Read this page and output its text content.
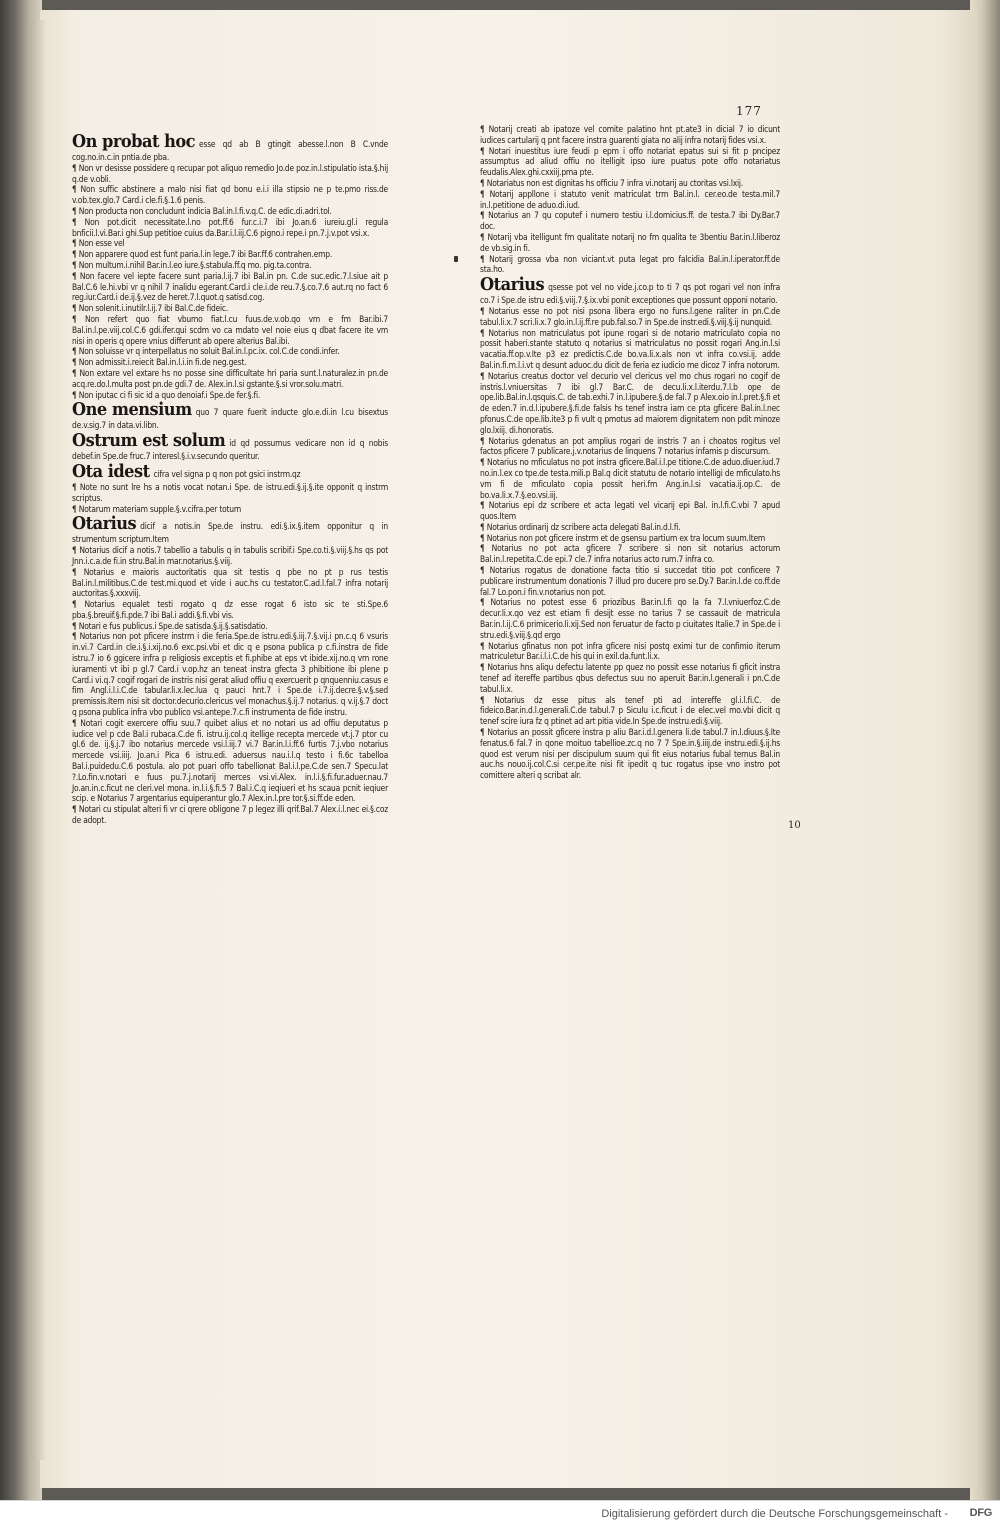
177
10

On probat hoc esse qd ab B gtingit abesse.l.non B C.vnde cog.no.in.c.in pntia.de pba.

¶ Non vr desisse possidere q recupar pot aliquo remedio Jo.de poz.in.l.stipulatio ista.§.hij q.de v.obli.

¶ Non suffic abstinere a malo nisi fiat qd bonu e.i.i illa stipsio ne p te.pmo riss.de v.ob.tex.glo.7 Card.i cle.fi.§.1.6 penis.

¶ Non producta non concludunt indicia Bal.in.l.fi.v.q.C. de edic.di.adri.tol.

¶ Non pot.dicit necessitate.l.no pot.ff.6 fur.c.i.7 ibi Jo.an.6 iureiu.gl.i regula bnficii.l.vi.Bar.i ghi.Sup petitioe cuius da.Bar.i.l.iij.C.6 pigno.i repe.i pn.7.j.v.pot vsi.x.

¶ Non esse vel

¶ Non apparere quod est funt paria.l.in lege.7 ibi Bar.ff.6 contrahen.emp.

¶ Non multum.i.nihil Bar.in.l.eo iure.§.stabula.ff.q mo. pig.ta.contra.

¶ Non facere vel iepte facere sunt paria.l.ij.7 ibi Bal.in pn. C.de suc.edic.7.l.siue ait p Bal.C.6 le.hi.vbi vr q nihil 7 inalidu egerant.Card.i cle.i.de reu.7.§.co.7.6 aut.rq no fact 6 reg.iur.Card.i de.ij.§.vez de heret.7.l.quot.q satisd.cog.

¶ Non solenit.i.inutilr.l.ij.7 ibi Bal.C.de fideic.

¶ Non refert quo fiat vbumo fiat.l.cu fuus.de.v.ob.qo vm e fm Bar.ibi.7 Bal.in.l.pe.viij.col.C.6 gdi.ifer.qui scdm vo ca mdato vel noie eius q dbat facere ite vm nisi in operis q opere vnius differunt ab opere alterius Bal.ibi.

¶ Non soluisse vr q interpellatus no soluit Bal.in.l.pc.ix. col.C.de condi.infer.

¶ Non admissit.i.reiecit Bal.in.l.i.in fi.de neg.gest.

¶ Non extare vel extare hs no posse sine difficultate hri paria sunt.l.naturalez.in pn.de acq.re.do.l.multa post pn.de gdi.7 de. Alex.in.l.si gstante.§.si vror.solu.matri.

¶ Non iputac ci fi sic id a quo denoiaf.i Spe.de fer.§.fi.

One mensium quo 7 quare fuerit inducte glo.e.di.in l.cu bisextus de.v.sig.7 in data.vi.libn.

Ostrum est solum id qd possumus vedicare non id q nobis debef.in Spe.de fruc.7 interesl.§.i.v.secundo queritur.

Ota idest cifra vel signa p q non pot gsici instrm.qz

¶ Note no sunt lre hs a notis vocat notan.i Spe. de istru.edi.§.ij.§.ite opponit q instrm scriptus.

¶ Notarum materiam supple.§.v.cifra.per totum

Otarius dicif a notis.in Spe.de instru. edi.§.ix.§.item opponitur q in strumentum scriptum.Item

¶ Notarius dicif a notis.7 tabellio a tabulis q in tabulis scribif.i Spe.co.ti.§.viij.§.hs qs pot Jnn.i.c.a.de fi.in stru.Bal.in mar.notarius.§.viij.

¶ Notarius e maioris auctoritatis qua sit testis q pbe no pt p rus testis Bal.in.l.militibus.C.de test.mi.quod et vide i auc.hs cu testator.C.ad.l.fal.7 infra notarij auctoritas.§.xxxviij.

¶ Notarius equalet testi rogato q dz esse rogat 6 isto sic te sti.Spe.6 pba.§.breuif.§.fi.pde.7 ibi Bal.i addi.§.fi.vbi vis.

¶ Notari e fus publicus.i Spe.de satisda.§.ij.§.satisdatio.

¶ Notarius non pot pficere instrm i die feria.Spe.de istru.edi.§.iij.7.§.vij.i pn.c.q 6 vsuris in.vi.7 Card.in cle.i.§.i.xij.no.6 exc.psi.vbi et dic q e psona publica p c.fi.instra de fide istru.7 io 6 ggicere infra p religiosis exceptis et fi.phibe at eps vt ibide.xij.no.q vm rone iuramenti vt ibi p gl.7 Card.i v.op.hz an teneat instra gfecta 3 phibitione ibi plene p Card.i vi.q.7 cogif rogari de instris nisi gerat aliud offiu q exercuerit p qnquenniu.casus e fim Angl.i.l.i.C.de tabular.li.x.lec.lua q pauci hnt.7 i Spe.de i.7.ij.decre.§.v.§.sed premissis.Item nisi sit doctor.decurio.clericus vel monachus.§.ij.7 notarius. q v.ij.§.7 doct q psona publica infra vbo publico vsi.antepe.7.c.fi instrumenta de fide instru.

¶ Notari cogit exercere offiu suu.7 quibet alius et no notari us ad offiu deputatus p iudice vel p cde Bal.i rubaca.C.de fi. istru.ij.col.q itellige recepta mercede vt.j.7 ptor cu gl.6 de. ij.§.j.7 ibo notarius mercede vsi.l.iij.7 vi.7 Bar.in.l.i.ff.6 furtis 7.j.vbo notarius mercede vsi.iiij. Jo.an.i Pica 6 istru.edi. aduersus nau.i.l.q testo i fi.6c tabelloa Bal.i.puidedu.C.6 postula. alo pot puari offo tabellionat Bal.i.l.pe.C.de sen.7 Specu.lat ?.Lo.fin.v.notari e fuus pu.7.j.notarij merces vsi.vi.Alex. in.l.i.§.fi.fur.aduer.nau.7 Jo.an.in.c.ficut ne cleri.vel mona. in.l.i.§.fi.5 7 Bal.i.C.q ieqiueri et hs scaua pcnit ieqiuer scip. e Notarius 7 argentarius equiperantur glo.7 Alex.in.l.pre tor.§.si.ff.de eden.

¶ Notari cu stipulat alteri fi vr ci qrere obligone 7 p legez illi qrif.Bal.7 Alex.i.l.nec ei.§.coz de adopt.

¶ Notarij creati ab ipatoze vel comite palatino hnt pt.ate3 in dicial 7 io dicunt iudices cartularij q pnt facere instra guarenti giata no alij infra notarij fides vsi.x.

¶ Notari inuestitus iure feudi p epm i offo notariat epatus sui si fit p pncipez assumptus ad aliud offiu no itelligit ipso iure puatus pote offo notariatus feudalis.Alex.ghi.cxxiij.pma pte.

¶ Notariatus non est dignitas hs officiu 7 infra vi.notarij au ctoritas vsi.lxij.

¶ Notarij appllone i statuto venit matriculat trm Bal.in.l. cer.eo.de testa.mil.7 in.l.petitione de aduo.di.iud.

¶ Notarius an 7 qu coputef i numero testiu i.l.domicius.ff. de testa.7 ibi Dy.Bar.7 doc.

¶ Notarij vba itelligunt fm qualitate notarij no fm qualita te 3bentiu Bar.in.l.liberoz de vb.sig.in fi.

¶ Notarij grossa vba non viciant.vt puta legat pro falcidia Bal.in.l.iperator.ff.de sta.ho.

Otarius qsesse pot vel no vide.j.co.p to ti 7 qs pot rogari vel non infra co.7 i Spe.de istru edi.§.viij.7.§.ix.vbi ponit exceptiones que possunt opponi notario.

¶ Notarius esse no pot nisi psona libera ergo no funs.l.gene raliter in pn.C.de tabul.li.x.7 scri.li.x.7 glo.in.l.ij.ff.re pub.fal.so.7 in Spe.de instr.edi.§.viij.§.ij nunquid.

¶ Notarius non matriculatus pot ipune rogari si de notario matriculato copia no possit haberi.stante statuto q notarius si matriculatus no possit rogari Ang.in.l.si vacatia.ff.op.v.Ite p3 ez predictis.C.de bo.va.li.x.als non vt infra co.vsi.ij. adde Bal.in.fi.m.l.i.vt q desunt aduoc.du dicit de feria ez iudicio me dicoz 7 infra notorum.

¶ Notarius creatus doctor vel decurio vel clericus vel mo chus rogari no cogif de instris.l.vniuersitas 7 ibi gl.7 Bar.C. de decu.li.x.l.iterdu.7.l.b ope de ope.lib.Bal.in.l.qsquis.C. de tab.exhi.7 in.l.ipubere.§.de fal.7 p Alex.oio in.l.pret.§.fi et de eden.7 in.d.l.ipubere.§.fi.de falsis hs tenef instra iam ce pta gficere Bal.in.l.nec pfonus.C.de ope.lib.ite3 p fi vult q pmotus ad maiorem dignitatem non pdit minoze glo.lxiij. di.honoratis.

¶ Notarius gdenatus an pot amplius rogari de instris 7 an i choatos rogitus vel factos pficere 7 publicare.j.v.notarius de linquens 7 notarius infamis p discursum.

¶ Notarius no mficulatus no pot instra gficere.Bal.i.l.pe titione.C.de aduo.diuer.iud.7 no.in.l.ex co tpe.de testa.mili.p Bal.q dicit statutu de notario intelligi de mficulato.hs vm fi de mficulato copia possit heri.fm Ang.in.l.si vacatia.ij.op.C. de bo.va.li.x.7.§.eo.vsi.iij.

¶ Notarius epi dz scribere et acta legati vel vicarij epi Bal. in.l.fi.C.vbi 7 apud quos.Item

¶ Notarius ordinarij dz scribere acta delegati Bal.in.d.l.fi.

¶ Notarius non pot gficere instrm et de gsensu partium ex tra locum suum.Item

¶ Notarius no pot acta gficere 7 scribere si non sit notarius actorum Bal.in.l.repetita.C.de epi.7 cle.7 infra notarius acto rum.7 infra co.

¶ Notarius rogatus de donatione facta titio si succedat titio pot conficere 7 publicare instrumentum donationis 7 illud pro ducere pro se.Dy.7 Bar.in.l.de co.ff.de fal.7 Lo.pon.i fin.v.notarius non pot.

¶ Notarius no potest esse 6 priozibus Bar.in.l.fi qo la fa 7.l.vniuerfoz.C.de decur.li.x.qo vez est etiam fi desijt esse no tarius 7 se cassauit de matricula Bar.in.l.ij.C.6 primicerio.li.xij.Sed non feruatur de facto p ciuitates Italie.7 in Spe.de i stru.edi.§.viij.§.qd ergo

¶ Notarius gfinatus non pot infra gficere nisi postq eximi tur de confimio iterum matriculetur Bar.i.l.i.C.de his qui in exil.da.funt.li.x.

¶ Notarius hns aliqu defectu latente pp quez no possit esse notarius fi gficit instra tenef ad itereffe partibus qbus defectus suu no aperuit Bar.in.l.generali i pn.C.de tabul.li.x.

¶ Notarius dz esse pitus als tenef pti ad intereffe gl.i.l.fi.C. de fideico.Bar.in.d.l.generali.C.de tabul.7 p Siculu i.c.ficut i de elec.vel mo.vbi dicit q tenef scire iura fz q ptinet ad art pitia vide.In Spe.de instru.edi.§.viij.

¶ Notarius an possit gficere instra p aliu Bar.i.d.l.genera li.de tabul.7 in.l.diuus.§.Ite fenatus.6 fal.7 in qone moituo tabellioe.zc.q no 7 7 Spe.in.§.iiij.de instru.edi.§.ij.hs quod est verum nisi per discipulum suum qui fit eius notarius fubal ternus Bal.in auc.hs nouo.ij.col.C.si cer.pe.ite nisi fit ipedit q tuc rogatus ipse vno instro pot comittere alteri q scribat alr.

Digitalisierung gefördert durch die Deutsche Forschungsgemeinschaft - DFG
